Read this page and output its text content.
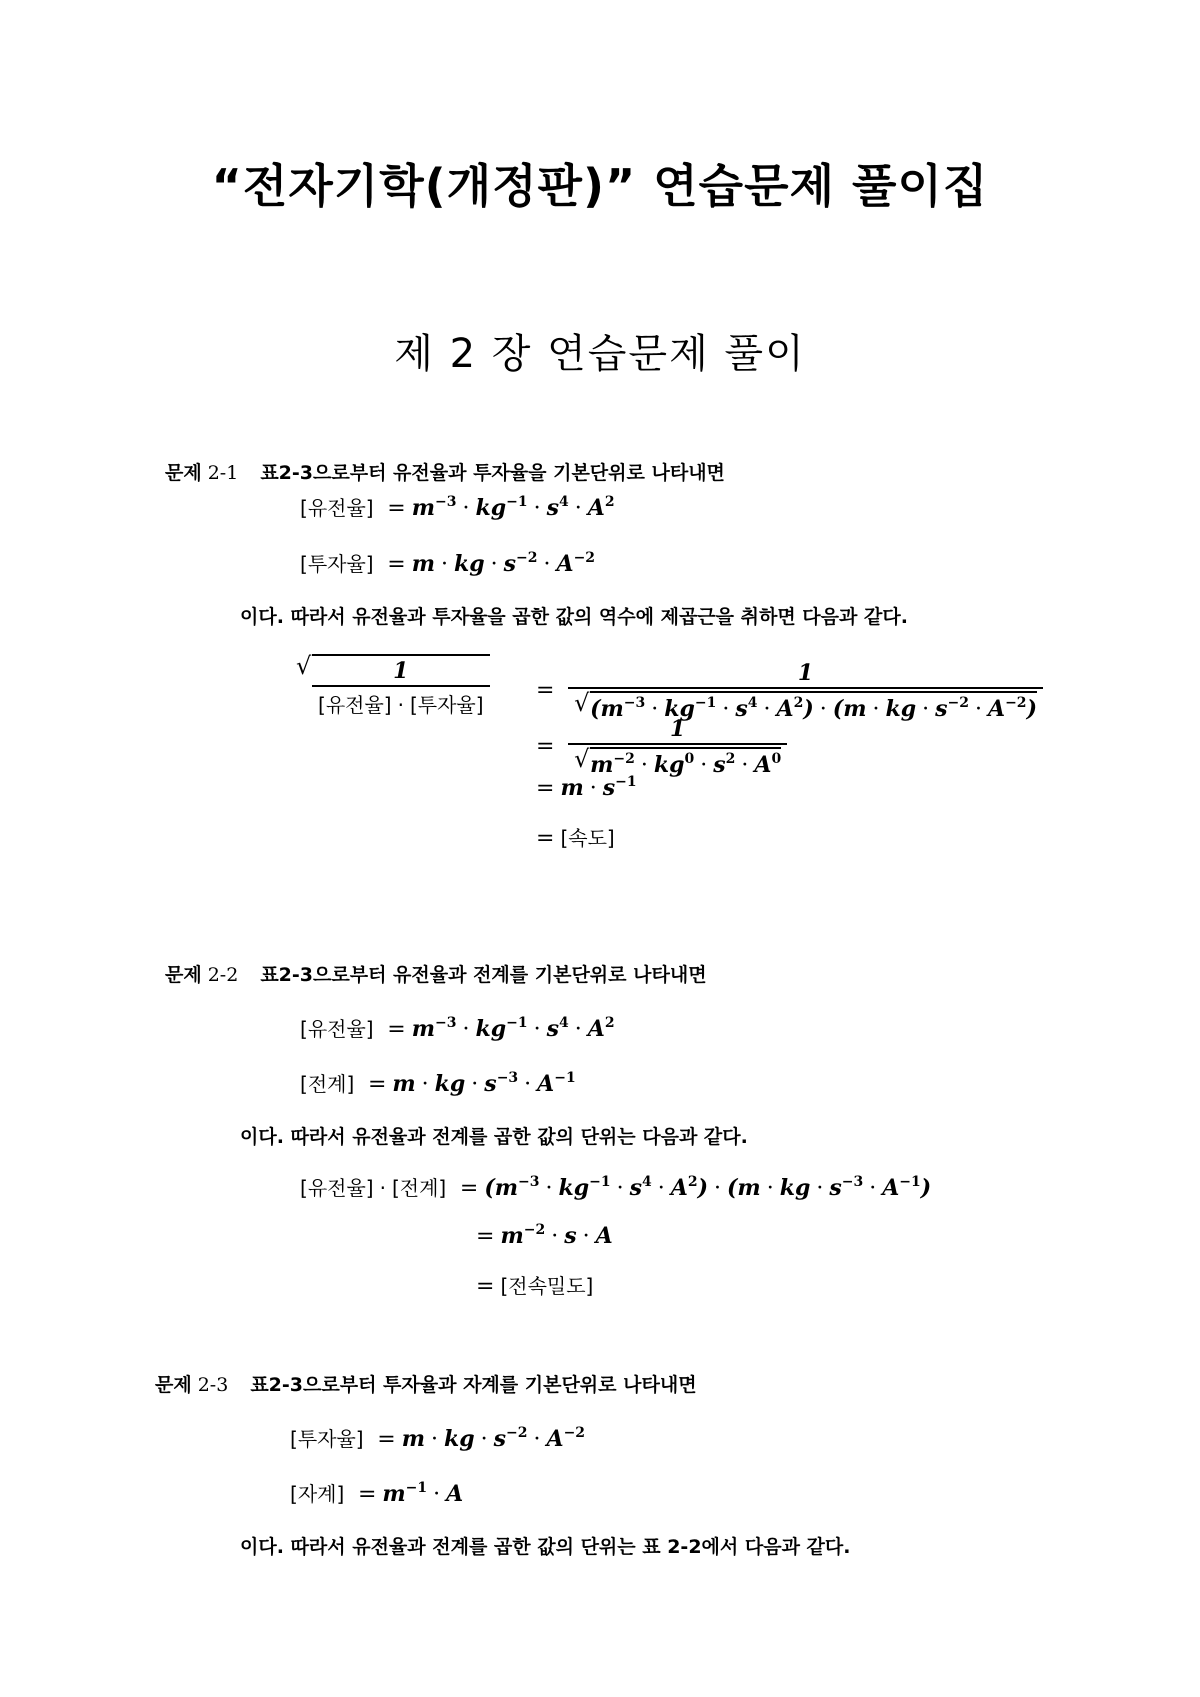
“전자기학(개정판)” 연습문제 풀이집
제 2 장 연습문제 풀이
문제 2-1 표2-3으로부터 유전율과 투자율을 기본단위로 나타내면
[유전율] = $m^{-3} \cdot kg^{-1} \cdot s^4 \cdot A^2$
[투자율] = m · kg · $s^{-2} \cdot A^{-2}$
이다. 따라서 유전율과 투자율을 곱한 값의 역수에 제곱근을 취하면 다음과 같다.
√ $\frac{1}{\text{[유전율] · [투자율]}} = \frac{1}{√ (m^{-3} \cdot kg^{-1} \cdot s^4 \cdot A^2) \cdot (m \cdot kg \cdot s^{-2} \cdot A^{-2})}$
= $\frac{1}{√ m^{-2} \cdot kg^0 \cdot s^2 \cdot A^0}$
= $m \cdot s^{-1}$
= [속도]
문제 2-2 표2-3으로부터 유전율과 전계를 기본단위로 나타내면
[유전율] = $m^{-3} \cdot kg^{-1} \cdot s^4 \cdot A^2$
[전계] = m · kg · $s^{-3} \cdot A^{-1}$
이다. 따라서 유전율과 전계를 곱한 값의 단위는 다음과 같다.
[유전율] · [전계] = $(m^{-3} \cdot kg^{-1} \cdot s^4 \cdot A^2) \cdot (m$ · kg · $s^{-3} \cdot A^{-1}$)
= $m^{-2} \cdot s \cdot A$
= [전속밀도]
문제 2-3 표2-3으로부터 투자율과 자계를 기본단위로 나타내면
[투자율] = m · kg · $s^{-2} \cdot A^{-2}$
[자계] = $m^{-1} \cdot A$
이다. 따라서 유전율과 전계를 곱한 값의 단위는 표 2-2에서 다음과 같다.
